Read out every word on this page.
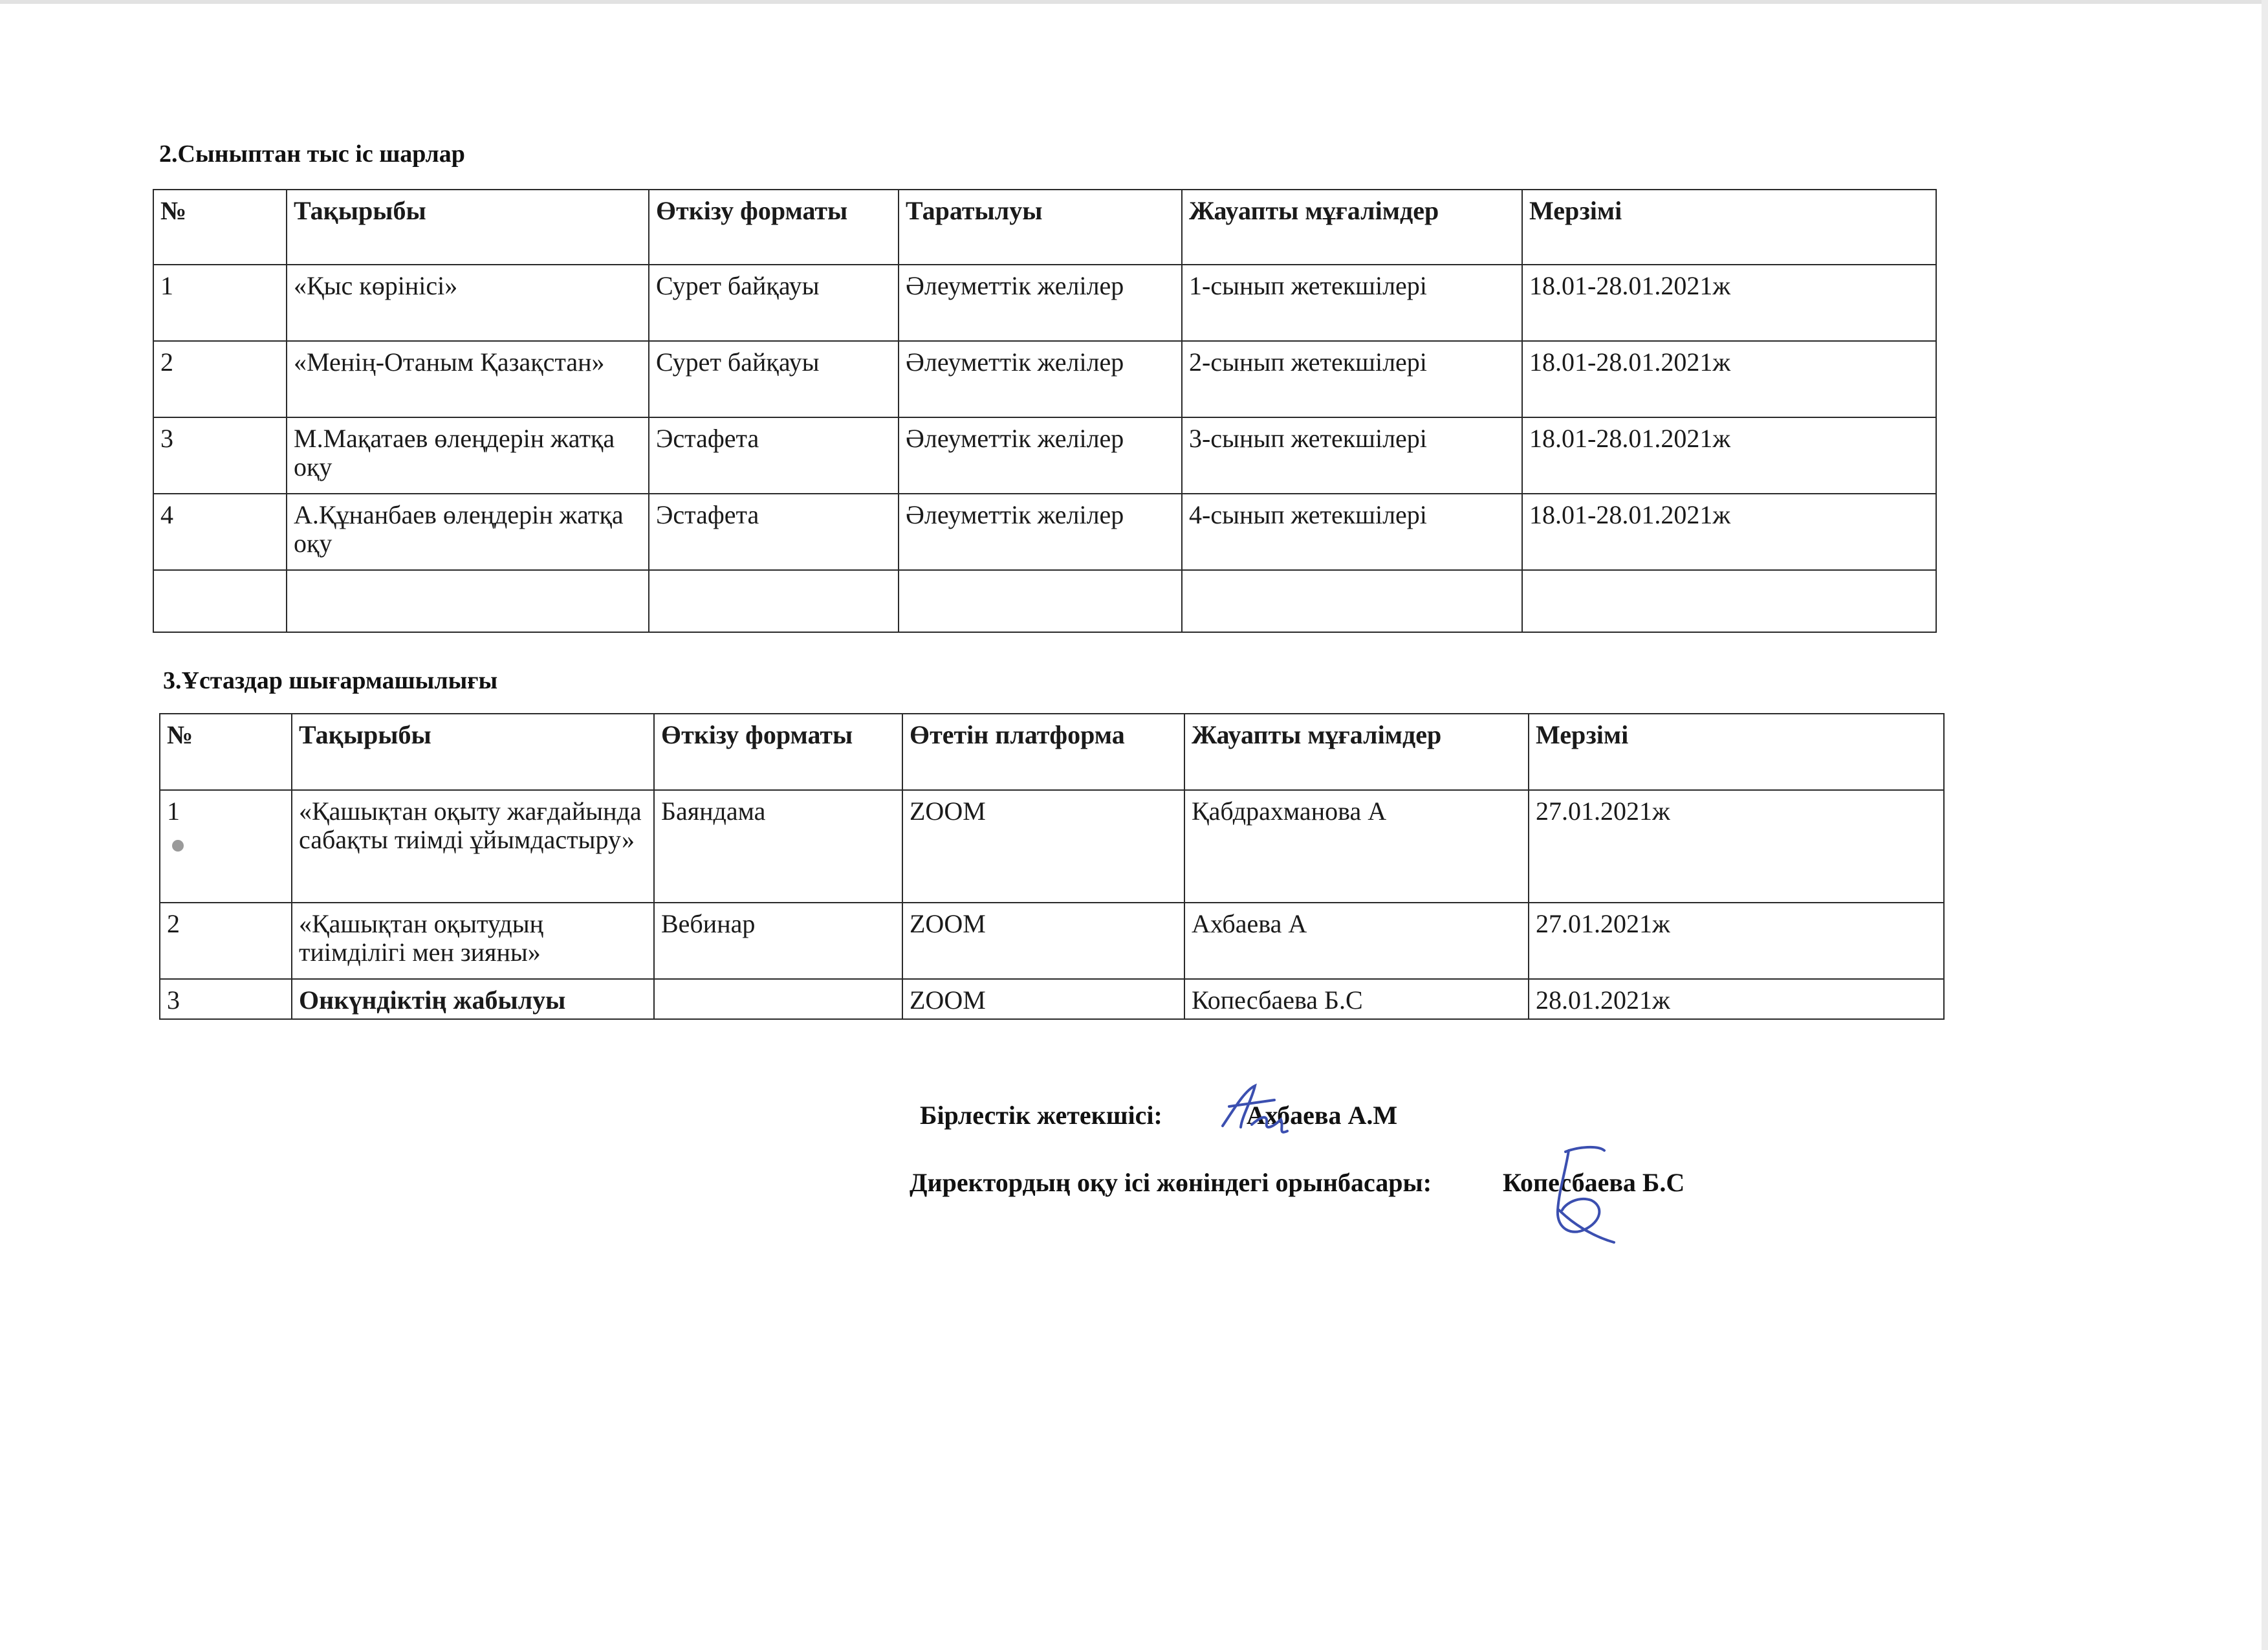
2.Сыныптан тыс іс шарлар
№	Тақырыбы	Өткізу форматы	Таратылуы	Жауапты мұғалімдер	Мерзімі
1	«Қыс көрінісі»	Сурет байқауы	Әлеуметтік желілер	1-сынып жетекшілері	18.01-28.01.2021ж
2	«Менің-Отаным Қазақстан»	Сурет байқауы	Әлеуметтік желілер	2-сынып жетекшілері	18.01-28.01.2021ж
3	М.Мақатаев өлеңдерін жатқа оқу	Эстафета	Әлеуметтік желілер	3-сынып жетекшілері	18.01-28.01.2021ж
4	А.Құнанбаев өлеңдерін жатқа оқу	Эстафета	Әлеуметтік желілер	4-сынып жетекшілері	18.01-28.01.2021ж

3.Ұстаздар шығармашылығы
№	Тақырыбы	Өткізу форматы	Өтетін платформа	Жауапты мұғалімдер	Мерзімі
1	«Қашықтан оқыту жағдайында сабақты тиімді ұйымдастыру»	Баяндама	ZOOM	Қабдрахманова А	27.01.2021ж
2	«Қашықтан оқытудың тиімділігі мен зияны»	Вебинар	ZOOM	Ахбаева А	27.01.2021ж
3	Онкүндіктің жабылуы		ZOOM	Копесбаева Б.С	28.01.2021ж
Бірлестік жетекшісі:	Ахбаева А.М
Директордың оқу ісі жөніндегі орынбасары:	Копесбаева Б.С
